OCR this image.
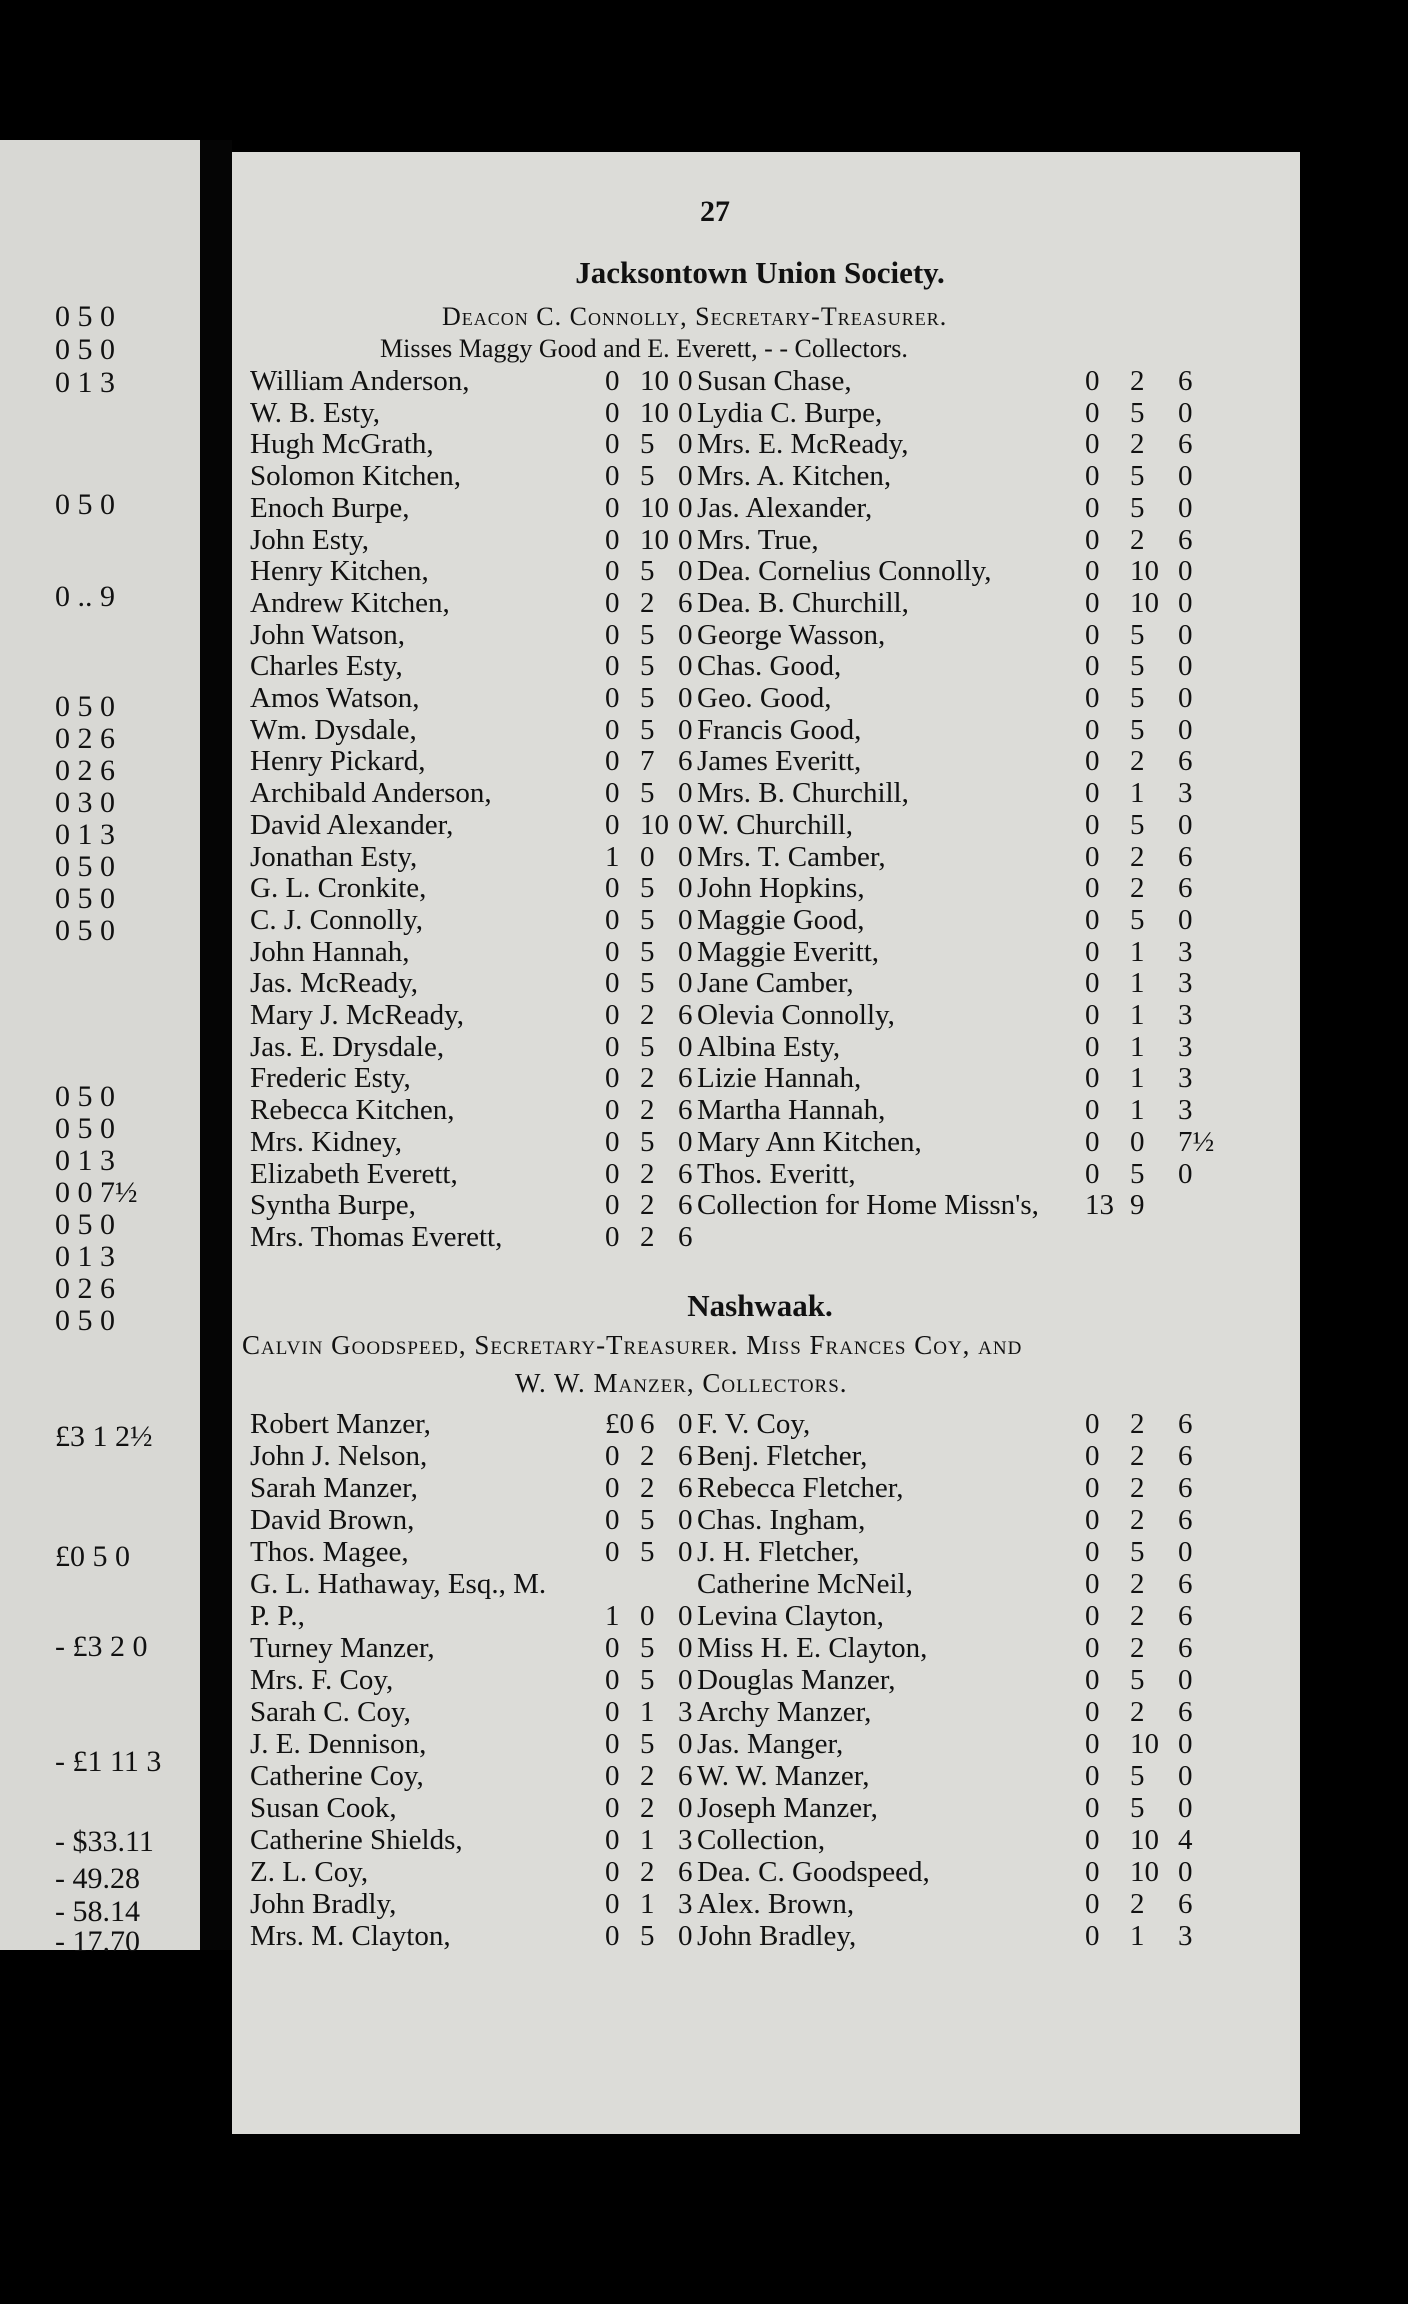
0 5 0
0 5 0
0 1 3
0 5 0
0 .. 9
0 5 0
0 2 6
0 2 6
0 3 0
0 1 3
0 5 0
0 5 0
0 5 0
0 5 0
0 5 0
0 1 3
0 0 7½
0 5 0
0 1 3
0 2 6
0 5 0
£3 1 2½
£0 5 0
- £3 2 0
- £1 11 3
- $33.11
- 49.28
- 58.14
- 17.70
27
Jacksontown Union Society.
Deacon C. Connolly, Secretary-Treasurer.
Misses Maggy Good and E. Everett, - - Collectors.
William Anderson,	0 10 0 Susan Chase,	0 2 6
W. B. Esty,	0 10 0 Lydia C. Burpe,	0 5 0
Hugh McGrath,	0 5 0 Mrs. E. McReady,	0 2 6
Solomon Kitchen,	0 5 0 Mrs. A. Kitchen,	0 5 0
Enoch Burpe,	0 10 0 Jas. Alexander,	0 5 0
John Esty,	0 10 0 Mrs. True,	0 2 6
Henry Kitchen,	0 5 0 Dea. Cornelius Connolly,	0 10 0
Andrew Kitchen,	0 2 6 Dea. B. Churchill,	0 10 0
John Watson,	0 5 0 George Wasson,	0 5 0
Charles Esty,	0 5 0 Chas. Good,	0 5 0
Amos Watson,	0 5 0 Geo. Good,	0 5 0
Wm. Dysdale,	0 5 0 Francis Good,	0 5 0
Henry Pickard,	0 7 6 James Everitt,	0 2 6
Archibald Anderson,	0 5 0 Mrs. B. Churchill,	0 1 3
David Alexander,	0 10 0 W. Churchill,	0 5 0
Jonathan Esty,	1 0 0 Mrs. T. Camber,	0 2 6
G. L. Cronkite,	0 5 0 John Hopkins,	0 2 6
C. J. Connolly,	0 5 0 Maggie Good,	0 5 0
John Hannah,	0 5 0 Maggie Everitt,	0 1 3
Jas. McReady,	0 5 0 Jane Camber,	0 1 3
Mary J. McReady,	0 2 6 Olevia Connolly,	0 1 3
Jas. E. Drysdale,	0 5 0 Albina Esty,	0 1 3
Frederic Esty,	0 2 6 Lizie Hannah,	0 1 3
Rebecca Kitchen,	0 2 6 Martha Hannah,	0 1 3
Mrs. Kidney,	0 5 0 Mary Ann Kitchen,	0 0 7½
Elizabeth Everett,	0 2 6 Thos. Everitt,	0 5 0
Syntha Burpe,	0 2 6 Collection for Home Missn's, 13 9
Mrs. Thomas Everett,	0 2 6
Nashwaak.
Calvin Goodspeed, Secretary-Treasurer. Miss Frances Coy, and
W. W. Manzer, Collectors.
Robert Manzer,	£0 6 0 F. V. Coy,	0 2 6
John J. Nelson,	0 2 6 Benj. Fletcher,	0 2 6
Sarah Manzer,	0 2 6 Rebecca Fletcher,	0 2 6
David Brown,	0 5 0 Chas. Ingham,	0 2 6
Thos. Magee,	0 5 0 J. H. Fletcher,	0 5 0
G. L. Hathaway, Esq., M.	Catherine McNeil,	0 2 6
P. P.,	1 0 0 Levina Clayton,	0 2 6
Turney Manzer,	0 5 0 Miss H. E. Clayton,	0 2 6
Mrs. F. Coy,	0 5 0 Douglas Manzer,	0 5 0
Sarah C. Coy,	0 1 3 Archy Manzer,	0 2 6
J. E. Dennison,	0 5 0 Jas. Manger,	0 10 0
Catherine Coy,	0 2 6 W. W. Manzer,	0 5 0
Susan Cook,	0 2 0 Joseph Manzer,	0 5 0
Catherine Shields,	0 1 3 Collection,	0 10 4
Z. L. Coy,	0 2 6 Dea. C. Goodspeed,	0 10 0
John Bradly,	0 1 3 Alex. Brown,	0 2 6
Mrs. M. Clayton,	0 5 0 John Bradley,	0 1 3
